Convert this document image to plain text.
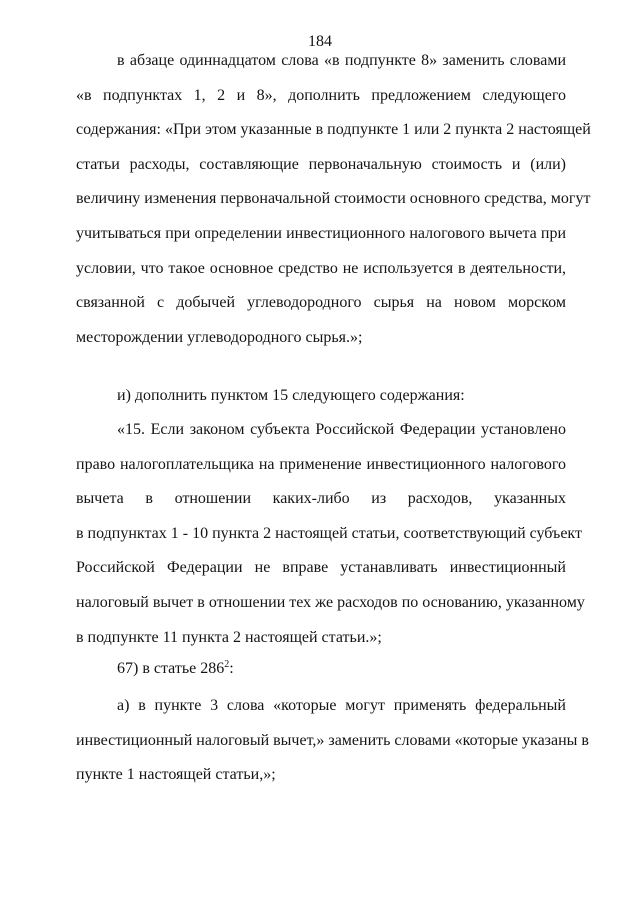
184
в абзаце одиннадцатом слова «в подпункте 8» заменить словами
«в подпунктах 1, 2 и 8», дополнить предложением следующего
содержания: «При этом указанные в подпункте 1 или 2 пункта 2 настоящей
статьи расходы, составляющие первоначальную стоимость и (или)
величину изменения первоначальной стоимости основного средства, могут
учитываться при определении инвестиционного налогового вычета при
условии, что такое основное средство не используется в деятельности,
связанной с добычей углеводородного сырья на новом морском
месторождении углеводородного сырья.»;
и) дополнить пунктом 15 следующего содержания:
«15. Если законом субъекта Российской Федерации установлено
право налогоплательщика на применение инвестиционного налогового
вычета в отношении каких-либо из расходов, указанных
в подпунктах 1 - 10 пункта 2 настоящей статьи, соответствующий субъект
Российской Федерации не вправе устанавливать инвестиционный
налоговый вычет в отношении тех же расходов по основанию, указанному
в подпункте 11 пункта 2 настоящей статьи.»;
67) в статье $286^2$:
а) в пункте 3 слова «которые могут применять федеральный
инвестиционный налоговый вычет,» заменить словами «которые указаны в
пункте 1 настоящей статьи,»;
